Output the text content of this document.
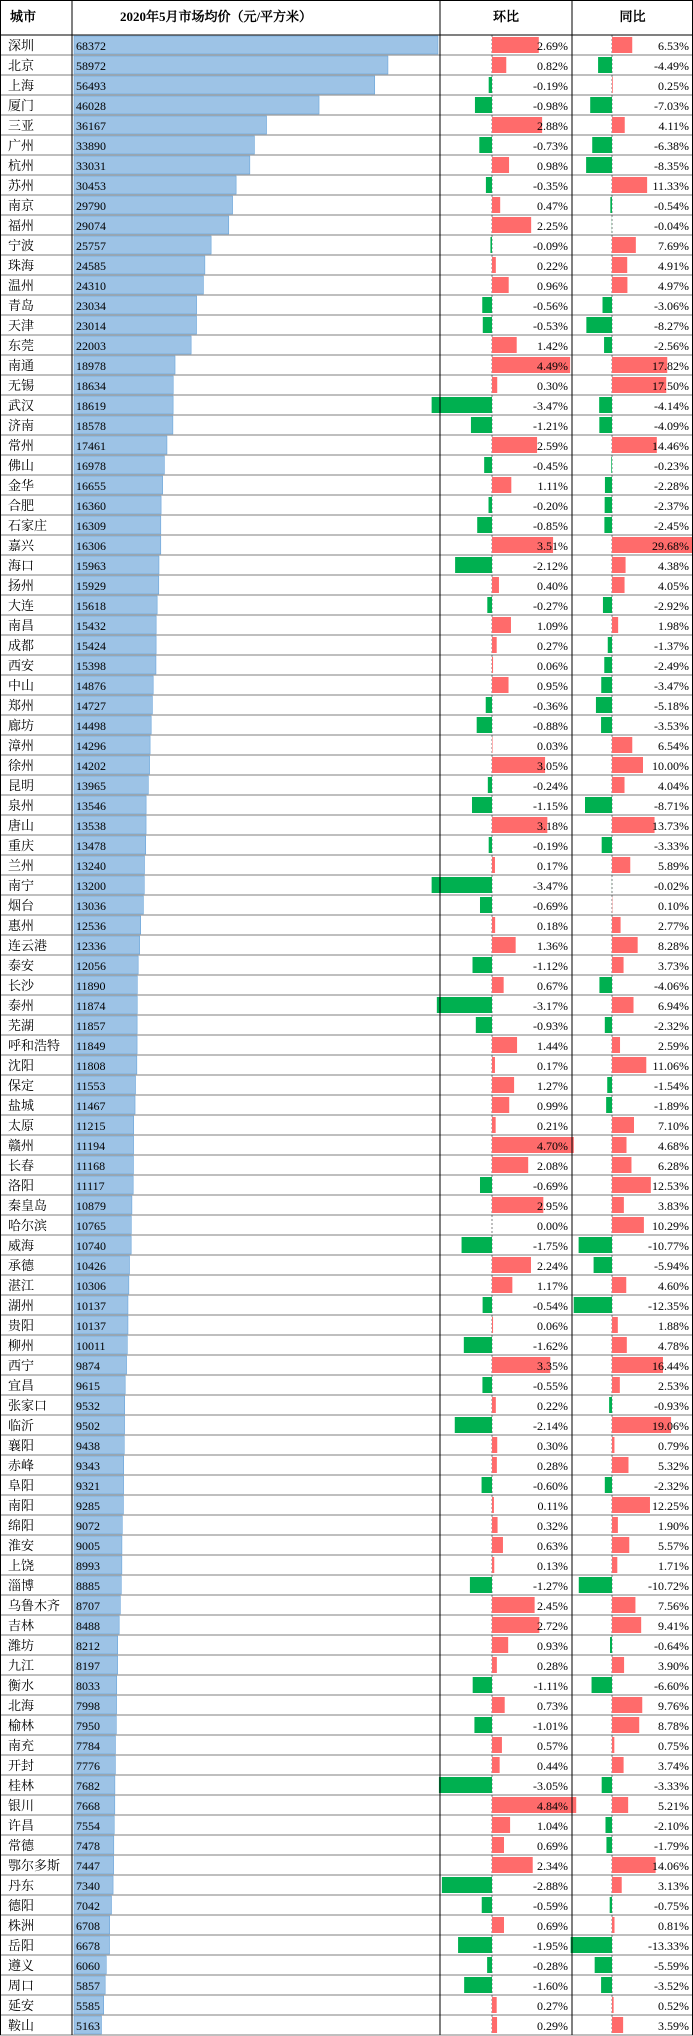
城市	2020年5月市场均价（元/平方米）	环比	同比
深圳	68372	2.69%	6.53%
北京	58972	0.82%	-4.49%
上海	56493	-0.19%	0.25%
厦门	46028	-0.98%	-7.03%
三亚	36167	2.88%	4.11%
广州	33890	-0.73%	-6.38%
杭州	33031	0.98%	-8.35%
苏州	30453	-0.35%	11.33%
南京	29790	0.47%	-0.54%
福州	29074	2.25%	-0.04%
宁波	25757	-0.09%	7.69%
珠海	24585	0.22%	4.91%
温州	24310	0.96%	4.97%
青岛	23034	-0.56%	-3.06%
天津	23014	-0.53%	-8.27%
东莞	22003	1.42%	-2.56%
南通	18978	4.49%	17.82%
无锡	18634	0.30%	17.50%
武汉	18619	-3.47%	-4.14%
济南	18578	-1.21%	-4.09%
常州	17461	2.59%	14.46%
佛山	16978	-0.45%	-0.23%
金华	16655	1.11%	-2.28%
合肥	16360	-0.20%	-2.37%
石家庄 16309	-0.85%	-2.45%
嘉兴	16306	3.51%	29.68%
海口	15963	-2.12%	4.38%
扬州	15929	0.40%	4.05%
大连	15618	-0.27%	-2.92%
南昌	15432	1.09%	1.98%
成都	15424	0.27%	-1.37%
西安	15398	0.06%	-2.49%
中山	14876	0.95%	-3.47%
郑州	14727	-0.36%	-5.18%
廊坊	14498	-0.88%	-3.53%
漳州	14296	0.03%	6.54%
徐州	14202	3.05%	10.00%
昆明	13965	-0.24%	4.04%
泉州	13546	-1.15%	-8.71%
唐山	13538	3.18%	13.73%
重庆	13478	-0.19%	-3.33%
兰州	13240	0.17%	5.89%
南宁	13200	-3.47%	-0.02%
烟台	13036	-0.69%	0.10%
惠州	12536	0.18%	2.77%
连云港 12336	1.36%	8.28%
泰安	12056	-1.12%	3.73%
长沙	11890	0.67%	-4.06%
泰州	11874	-3.17%	6.94%
芜湖	11857	-0.93%	-2.32%
呼和浩特 11849	1.44%	2.59%
沈阳	11808	0.17%	11.06%
保定	11553	1.27%	-1.54%
盐城	11467	0.99%	-1.89%
太原	11215	0.21%	7.10%
赣州	11194	4.70%	4.68%
长春	11168	2.08%	6.28%
洛阳	11117	-0.69%	12.53%
秦皇岛 10879	2.95%	3.83%
哈尔滨 10765	0.00%	10.29%
威海	10740	-1.75%	-10.77%
承德	10426	2.24%	-5.94%
湛江	10306	1.17%	4.60%
湖州	10137	-0.54%	-12.35%
贵阳	10137	0.06%	1.88%
柳州	10011	-1.62%	4.78%
西宁	9874	3.35%	16.44%
宜昌	9615	-0.55%	2.53%
张家口 9532	0.22%	-0.93%
临沂	9502	-2.14%	19.06%
襄阳	9438	0.30%	0.79%
赤峰	9343	0.28%	5.32%
阜阳	9321	-0.60%	-2.32%
南阳	9285	0.11%	12.25%
绵阳	9072	0.32%	1.90%
淮安	9005	0.63%	5.57%
上饶	8993	0.13%	1.71%
淄博	8885	-1.27%	-10.72%
乌鲁木齐 8707	2.45%	7.56%
吉林	8488	2.72%	9.41%
潍坊	8212	0.93%	-0.64%
九江	8197	0.28%	3.90%
衡水	8033	-1.11%	-6.60%
北海	7998	0.73%	9.76%
榆林	7950	-1.01%	8.78%
南充	7784	0.57%	0.75%
开封	7776	0.44%	3.74%
桂林	7682	-3.05%	-3.33%
银川	7668	4.84%	5.21%
许昌	7554	1.04%	-2.10%
常德	7478	0.69%	-1.79%
鄂尔多斯 7447	2.34%	14.06%
丹东	7340	-2.88%	3.13%
德阳	7042	-0.59%	-0.75%
株洲	6708	0.69%	0.81%
岳阳	6678	-1.95%	-13.33%
遵义	6060	-0.28%	-5.59%
周口	5857	-1.60%	-3.52%
延安	5585	0.27%	0.52%
鞍山	5163	0.29%	3.59%
